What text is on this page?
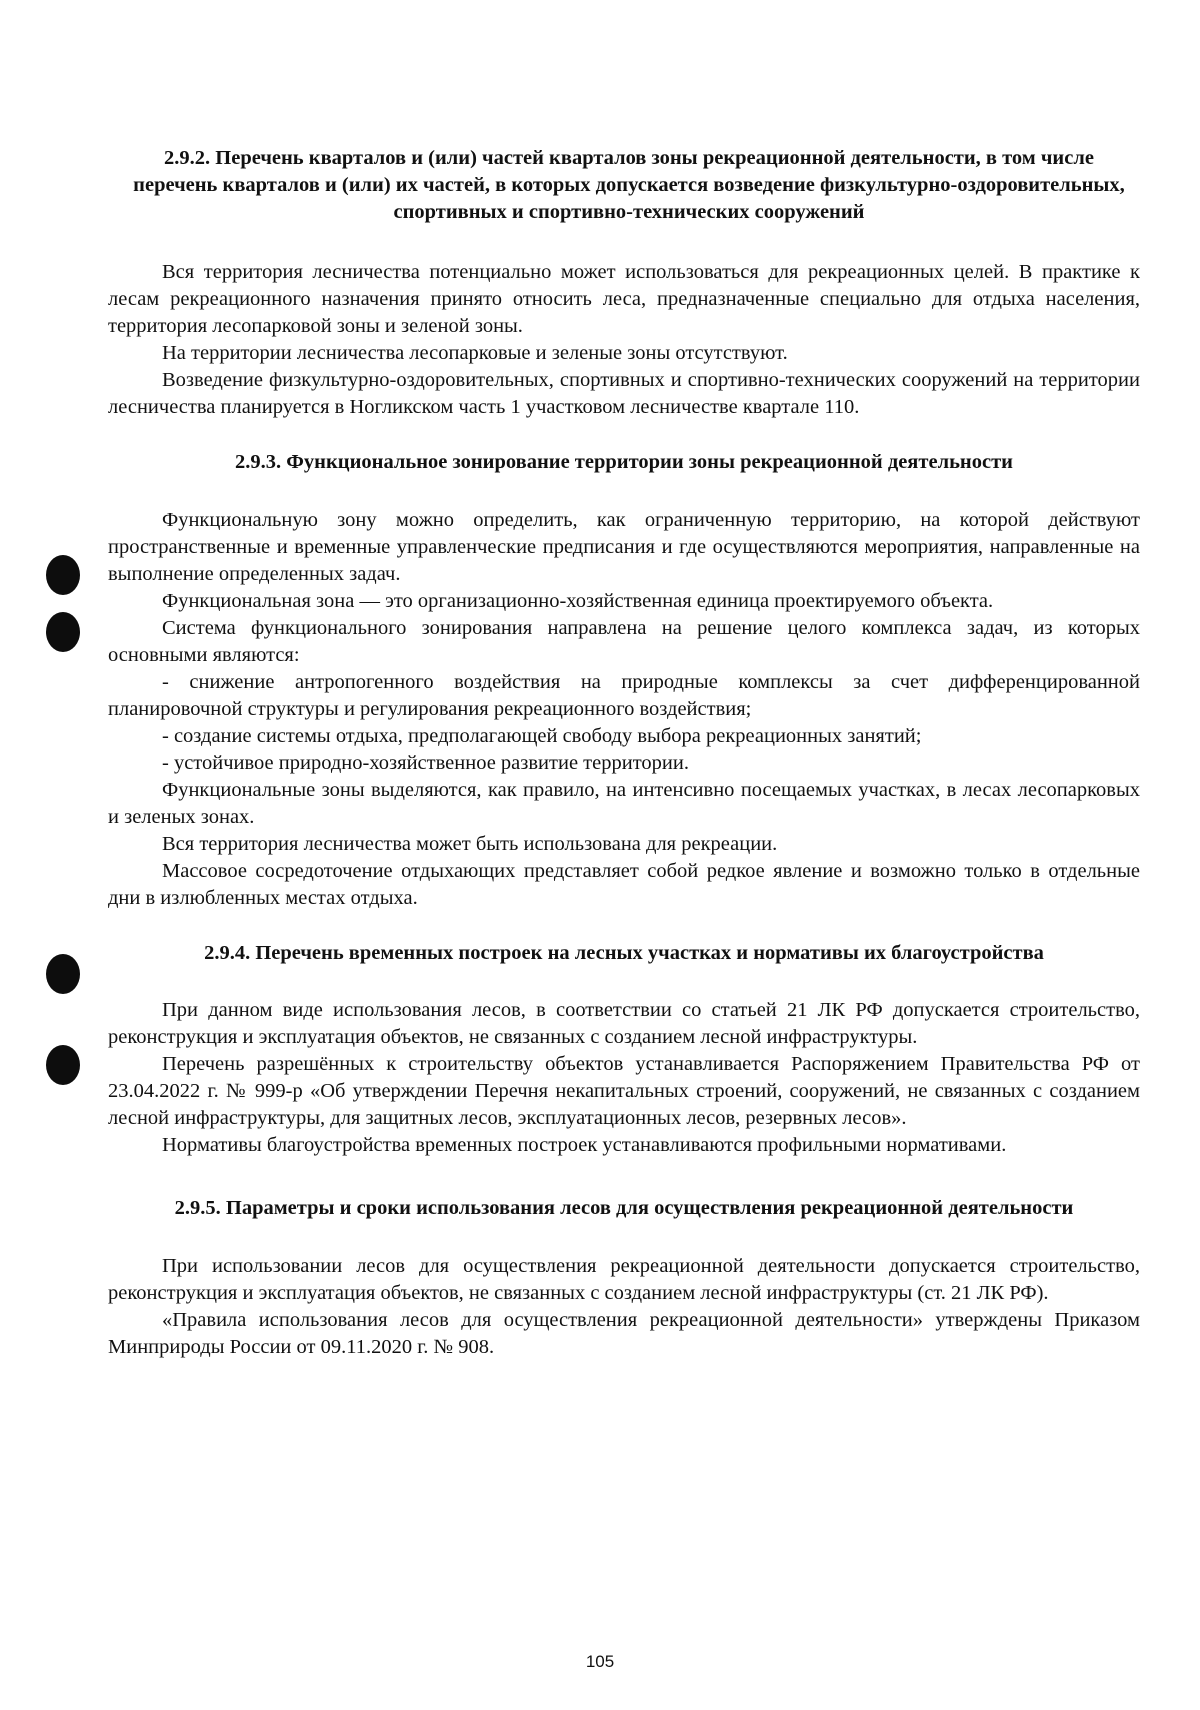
2.9.2. Перечень кварталов и (или) частей кварталов зоны рекреационной деятельности, в том числе перечень кварталов и (или) их частей, в которых допускается возведение физкультурно-оздоровительных, спортивных и спортивно-технических сооружений

Вся территория лесничества потенциально может использоваться для рекреационных целей. В практике к лесам рекреационного назначения принято относить леса, предназначенные специально для отдыха населения, территория лесопарковой зоны и зеленой зоны.

На территории лесничества лесопарковые и зеленые зоны отсутствуют.

Возведение физкультурно-оздоровительных, спортивных и спортивно-технических сооружений на территории лесничества планируется в Ногликском часть 1 участковом лесничестве квартале 110.

2.9.3. Функциональное зонирование территории зоны рекреационной деятельности

Функциональную зону можно определить, как ограниченную территорию, на которой действуют пространственные и временные управленческие предписания и где осуществляются мероприятия, направленные на выполнение определенных задач.

Функциональная зона — это организационно-хозяйственная единица проектируемого объекта.

Система функционального зонирования направлена на решение целого комплекса задач, из которых основными являются:

- снижение антропогенного воздействия на природные комплексы за счет дифференцированной планировочной структуры и регулирования рекреационного воздействия;

- создание системы отдыха, предполагающей свободу выбора рекреационных занятий;

- устойчивое природно-хозяйственное развитие территории.

Функциональные зоны выделяются, как правило, на интенсивно посещаемых участках, в лесах лесопарковых и зеленых зонах.

Вся территория лесничества может быть использована для рекреации.

Массовое сосредоточение отдыхающих представляет собой редкое явление и возможно только в отдельные дни в излюбленных местах отдыха.

2.9.4. Перечень временных построек на лесных участках и нормативы их благоустройства

При данном виде использования лесов, в соответствии со статьей 21 ЛК РФ допускается строительство, реконструкция и эксплуатация объектов, не связанных с созданием лесной инфраструктуры.

Перечень разрешённых к строительству объектов устанавливается Распоряжением Правительства РФ от 23.04.2022 г. № 999-р «Об утверждении Перечня некапитальных строений, сооружений, не связанных с созданием лесной инфраструктуры, для защитных лесов, эксплуатационных лесов, резервных лесов».

Нормативы благоустройства временных построек устанавливаются профильными нормативами.

2.9.5. Параметры и сроки использования лесов для осуществления рекреационной деятельности

При использовании лесов для осуществления рекреационной деятельности допускается строительство, реконструкция и эксплуатация объектов, не связанных с созданием лесной инфраструктуры (ст. 21 ЛК РФ).

«Правила использования лесов для осуществления рекреационной деятельности» утверждены Приказом Минприроды России от 09.11.2020 г. № 908.

105
